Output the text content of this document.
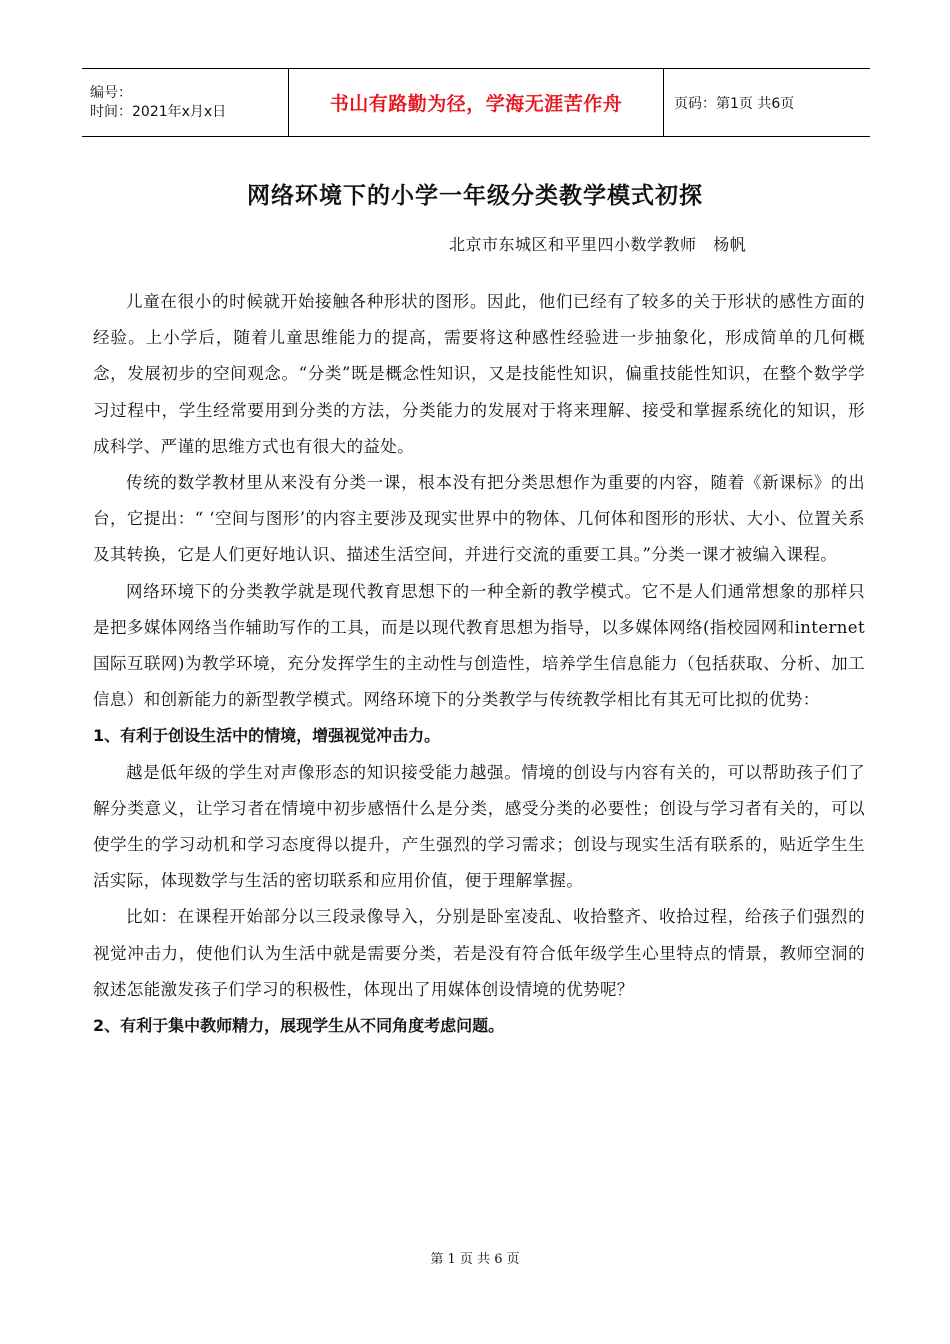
编号：
时间：2021年x月x日	书山有路勤为径，学海无涯苦作舟	页码：第1页 共6页
网络环境下的小学一年级分类教学模式初探
北京市东城区和平里四小数学教师   杨帆

儿童在很小的时候就开始接触各种形状的图形。因此，他们已经有了较多的关于形状的感性方面的经验。上小学后，随着儿童思维能力的提高，需要将这种感性经验进一步抽象化，形成简单的几何概念，发展初步的空间观念。“分类”既是概念性知识，又是技能性知识，偏重技能性知识，在整个数学学习过程中，学生经常要用到分类的方法，分类能力的发展对于将来理解、接受和掌握系统化的知识，形成科学、严谨的思维方式也有很大的益处。

传统的数学教材里从来没有分类一课，根本没有把分类思想作为重要的内容，随着《新课标》的出台，它提出：“ ‘空间与图形’的内容主要涉及现实世界中的物体、几何体和图形的形状、大小、位置关系及其转换，它是人们更好地认识、描述生活空间，并进行交流的重要工具。”分类一课才被编入课程。

网络环境下的分类教学就是现代教育思想下的一种全新的教学模式。它不是人们通常想象的那样只是把多媒体网络当作辅助写作的工具，而是以现代教育思想为指导，以多媒体网络(指校园网和internet国际互联网)为教学环境，充分发挥学生的主动性与创造性，培养学生信息能力（包括获取、分析、加工信息）和创新能力的新型教学模式。网络环境下的分类教学与传统教学相比有其无可比拟的优势：

1、有利于创设生活中的情境，增强视觉冲击力。

越是低年级的学生对声像形态的知识接受能力越强。情境的创设与内容有关的，可以帮助孩子们了解分类意义，让学习者在情境中初步感悟什么是分类，感受分类的必要性；创设与学习者有关的，可以使学生的学习动机和学习态度得以提升，产生强烈的学习需求；创设与现实生活有联系的，贴近学生生活实际，体现数学与生活的密切联系和应用价值，便于理解掌握。

比如：在课程开始部分以三段录像导入，分别是卧室凌乱、收拾整齐、收拾过程，给孩子们强烈的视觉冲击力，使他们认为生活中就是需要分类，若是没有符合低年级学生心里特点的情景，教师空洞的叙述怎能激发孩子们学习的积极性，体现出了用媒体创设情境的优势呢？

2、有利于集中教师精力，展现学生从不同角度考虑问题。

第 1 页 共 6 页
